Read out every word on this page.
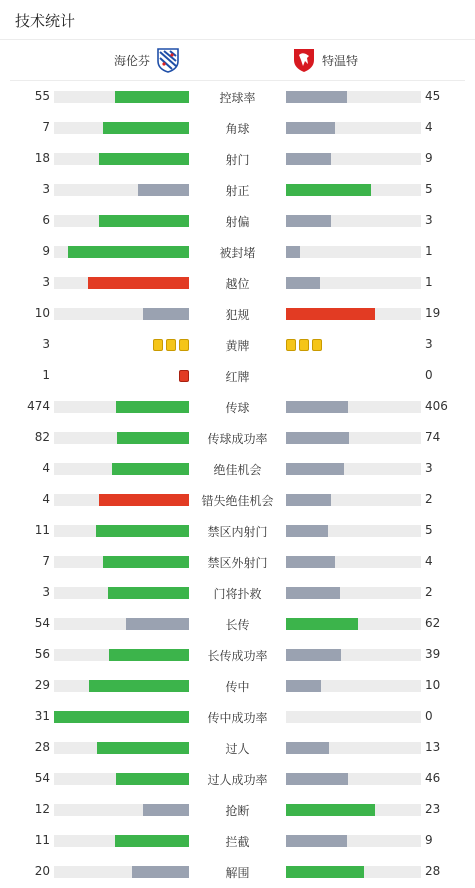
技术统计
海伦芬	特温特
55	控球率	45
7	角球	4
18	射门	9
3	射正	5
6	射偏	3
9	被封堵	1
3	越位	1
10	犯规	19
3	黄牌	3
1	红牌	0
474	传球	406
82	传球成功率	74
4	绝佳机会	3
4	错失绝佳机会	2
11	禁区内射门	5
7	禁区外射门	4
3	门将扑救	2
54	长传	62
56	长传成功率	39
29	传中	10
31	传中成功率	0
28	过人	13
54	过人成功率	46
12	抢断	23
11	拦截	9
20	解围	28
